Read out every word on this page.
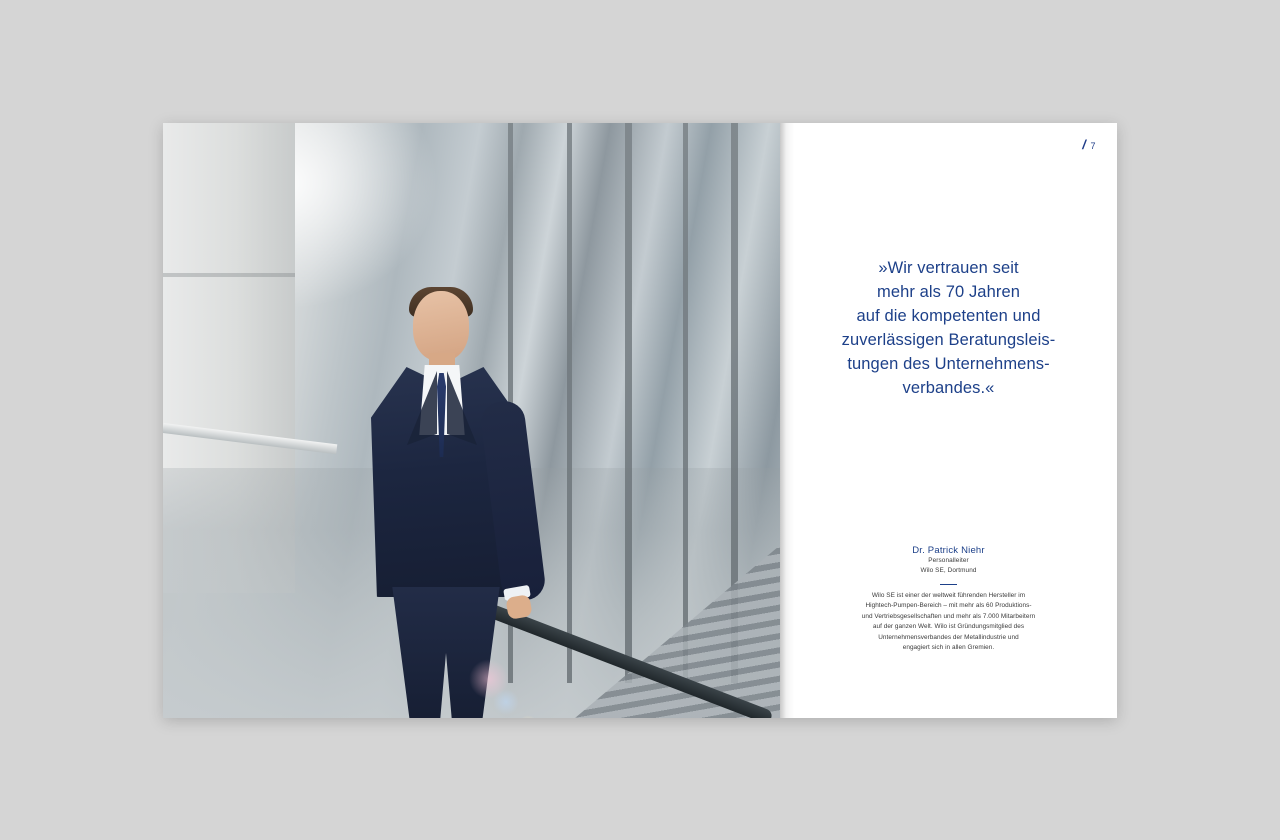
/ 7
»Wir vertrauen seit
mehr als 70 Jahren
auf die kompetenten und
zuverlässigen Beratungsleis-
tungen des Unternehmens-
verbandes.«
Dr. Patrick Niehr
Personalleiter
Wilo SE, Dortmund
Wilo SE ist einer der weltweit führenden Hersteller im
Hightech-Pumpen-Bereich – mit mehr als 60 Produktions-
und Vertriebsgesellschaften und mehr als 7.000 Mitarbeitern
auf der ganzen Welt. Wilo ist Gründungsmitglied des
Unternehmensverbandes der Metallindustrie und
engagiert sich in allen Gremien.
